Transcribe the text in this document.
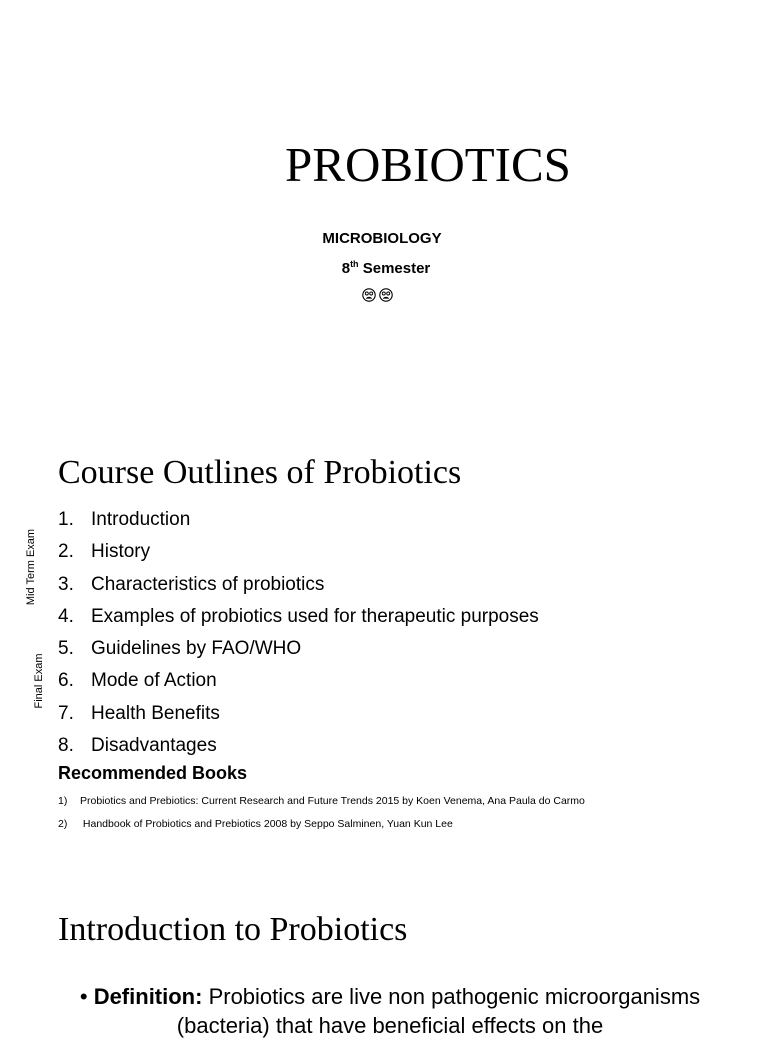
PROBIOTICS
MICROBIOLOGY
8th Semester
Course Outlines of Probiotics
Mid Term Exam
Final Exam
1. Introduction
2. History
3. Characteristics of probiotics
4. Examples of probiotics used for therapeutic purposes
5. Guidelines by FAO/WHO
6. Mode of Action
7. Health Benefits
8. Disadvantages
Recommended Books
1) Probiotics and Prebiotics: Current Research and Future Trends 2015 by Koen Venema, Ana Paula do Carmo
2) Handbook of Probiotics and Prebiotics 2008 by Seppo Salminen, Yuan Kun Lee
Introduction to Probiotics
• Definition: Probiotics are live non pathogenic microorganisms (bacteria) that have beneficial effects on the
